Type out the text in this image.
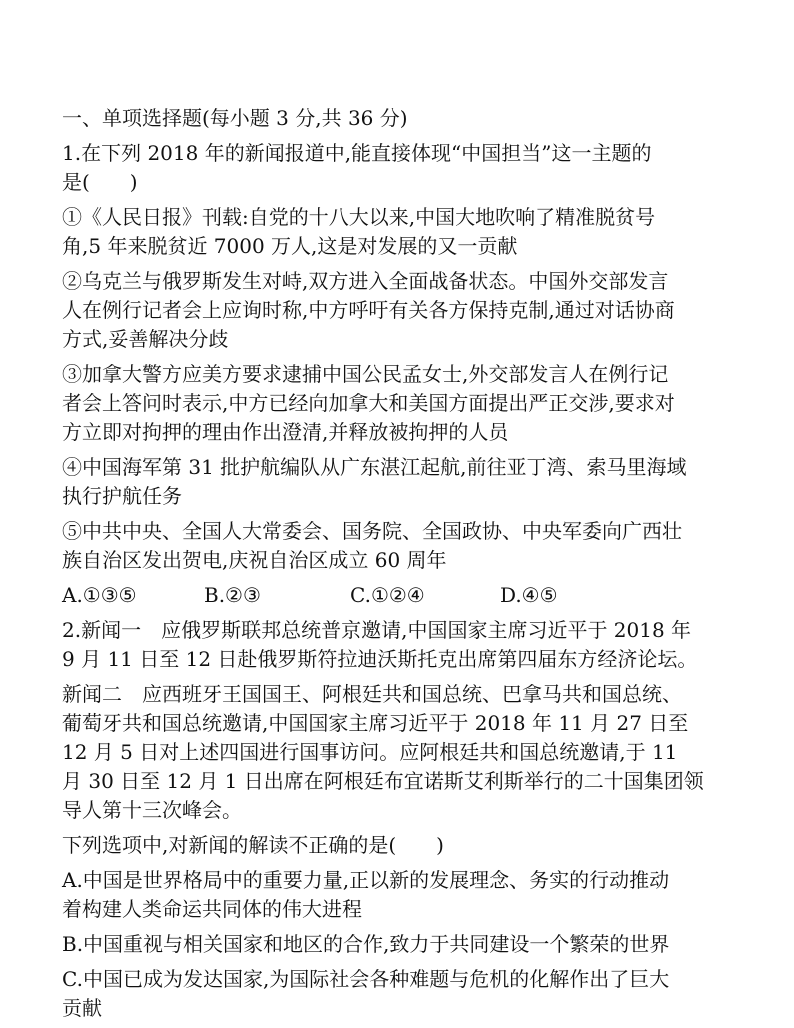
一、单项选择题(每小题 3 分,共 36 分)
1.在下列 2018 年的新闻报道中,能直接体现“中国担当”这一主题的
是(　　)
①《人民日报》刊载:自党的十八大以来,中国大地吹响了精准脱贫号
角,5 年来脱贫近 7000 万人,这是对发展的又一贡献
②乌克兰与俄罗斯发生对峙,双方进入全面战备状态。中国外交部发言
人在例行记者会上应询时称,中方呼吁有关各方保持克制,通过对话协商
方式,妥善解决分歧
③加拿大警方应美方要求逮捕中国公民孟女士,外交部发言人在例行记
者会上答问时表示,中方已经向加拿大和美国方面提出严正交涉,要求对
方立即对拘押的理由作出澄清,并释放被拘押的人员
④中国海军第 31 批护航编队从广东湛江起航,前往亚丁湾、索马里海域
执行护航任务
⑤中共中央、全国人大常委会、国务院、全国政协、中央军委向广西壮
族自治区发出贺电,庆祝自治区成立 60 周年
A.①③⑤	B.②③	C.①②④	D.④⑤
2.新闻一　应俄罗斯联邦总统普京邀请,中国国家主席习近平于 2018 年
9 月 11 日至 12 日赴俄罗斯符拉迪沃斯托克出席第四届东方经济论坛。
新闻二　应西班牙王国国王、阿根廷共和国总统、巴拿马共和国总统、
葡萄牙共和国总统邀请,中国国家主席习近平于 2018 年 11 月 27 日至
12 月 5 日对上述四国进行国事访问。应阿根廷共和国总统邀请,于 11
月 30 日至 12 月 1 日出席在阿根廷布宜诺斯艾利斯举行的二十国集团领
导人第十三次峰会。
下列选项中,对新闻的解读不正确的是(　　)
A.中国是世界格局中的重要力量,正以新的发展理念、务实的行动推动
着构建人类命运共同体的伟大进程
B.中国重视与相关国家和地区的合作,致力于共同建设一个繁荣的世界
C.中国已成为发达国家,为国际社会各种难题与危机的化解作出了巨大
贡献
